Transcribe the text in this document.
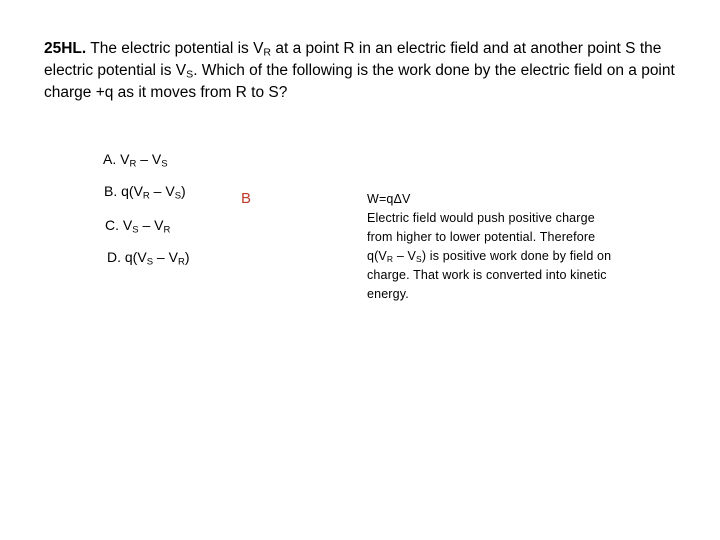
25HL. The electric potential is $V_R$ at a point R in an electric field and at another point S the electric potential is $V_S$. Which of the following is the work done by the electric field on a point charge +q as it moves from R to S?
A. $V_R - V_S$
B. $q(V_R - V_S)$
C. $V_S - V_R$
D. $q(V_S - V_R)$
B	W=qΔV
Electric field would push positive charge
from higher to lower potential. Therefore
$q(V_R - V_S)$ is positive work done by field on
charge. That work is converted into kinetic
energy.
